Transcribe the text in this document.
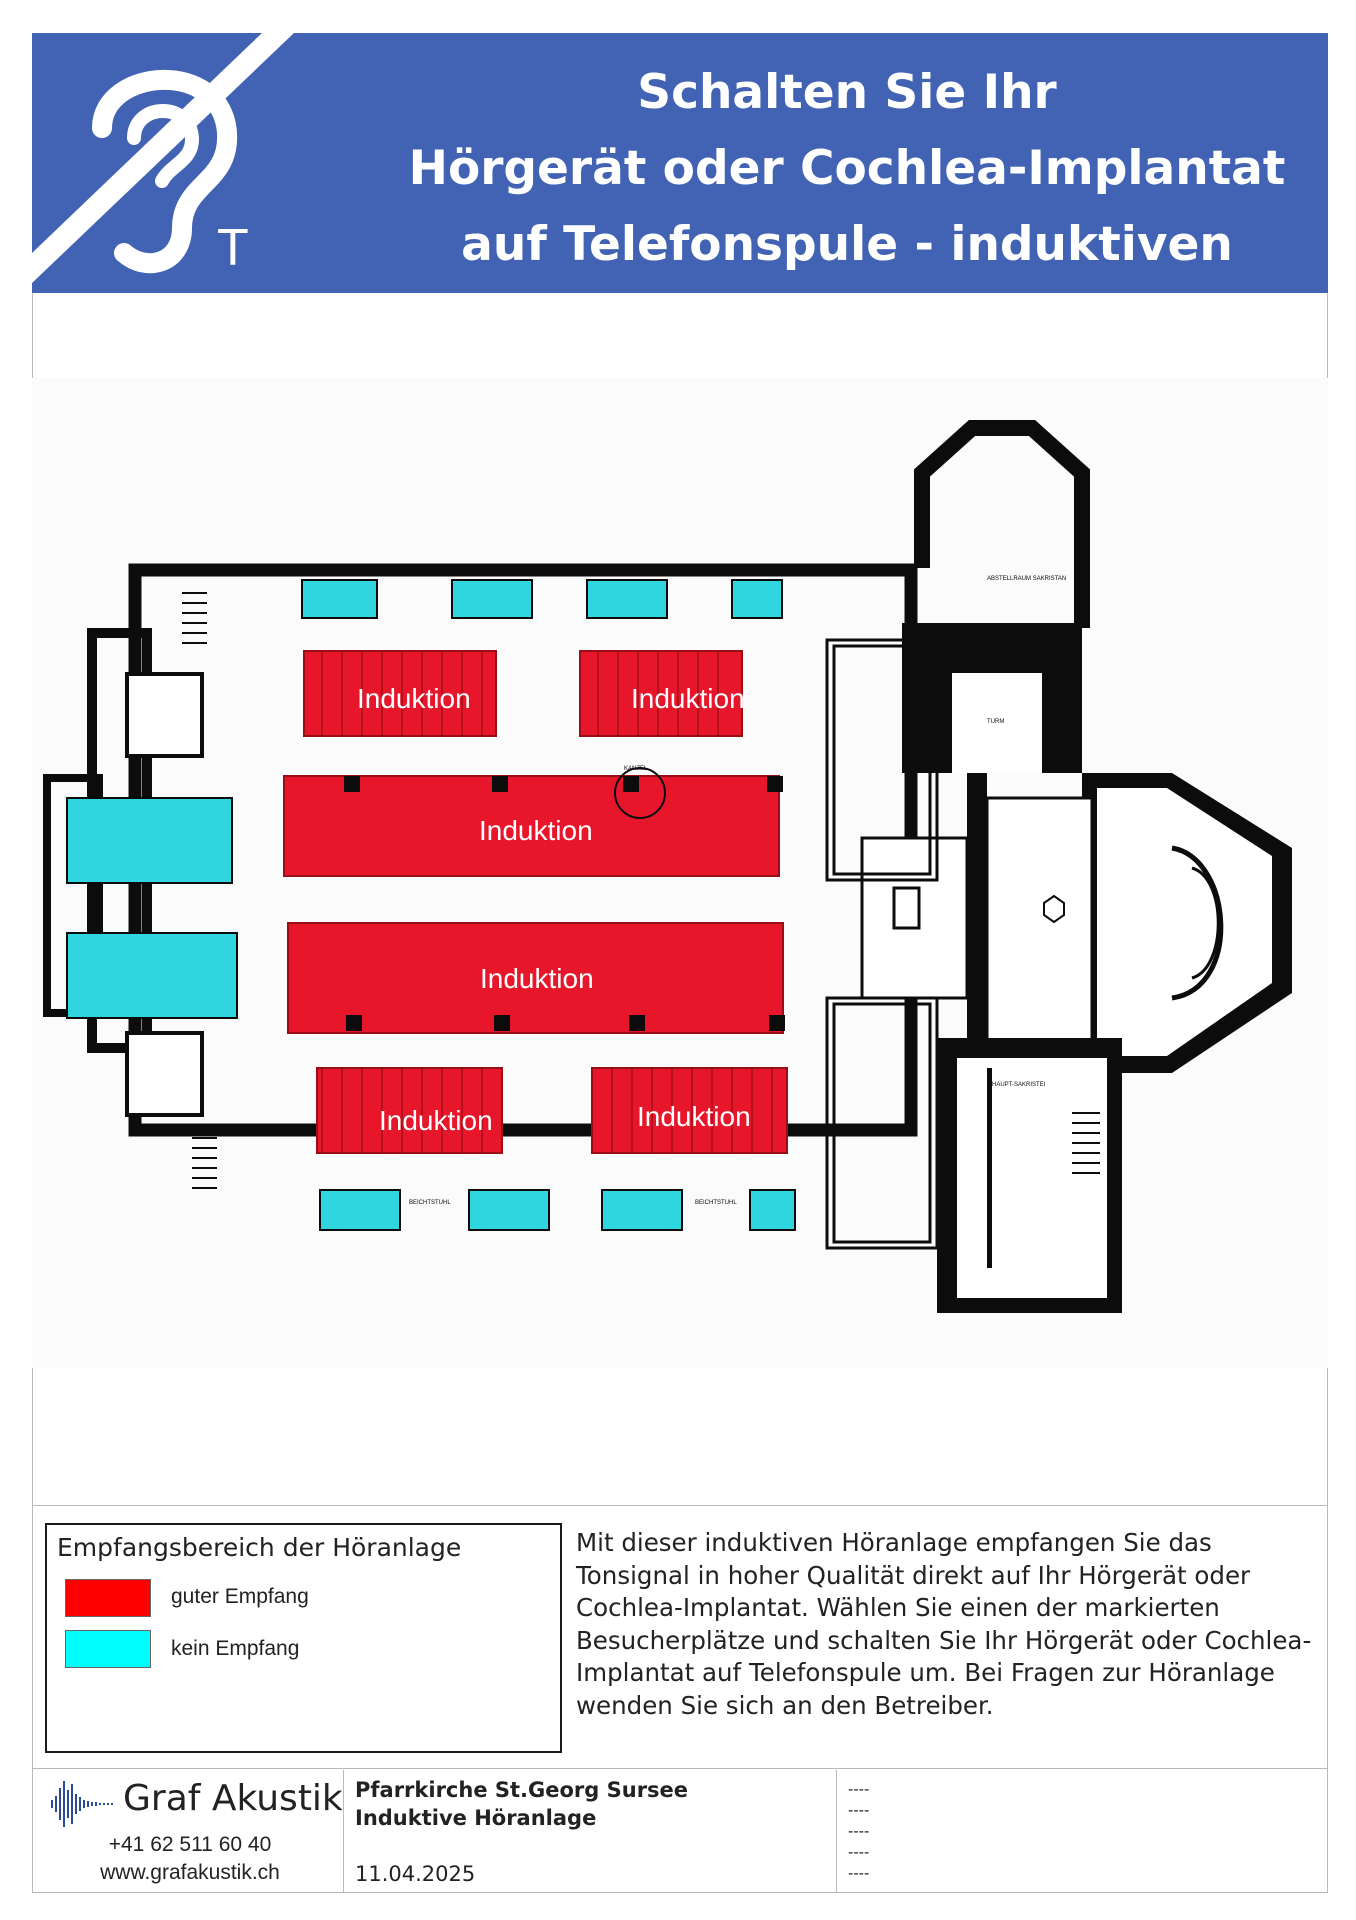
T
Schalten Sie Ihr
Hörgerät oder Cochlea-Implantat
auf Telefonspule - induktiven Empfang
ABSTELLRAUM SAKRISTAN
TURM
HAUPT-SAKRISTEI
KANZEL
BEICHTSTUHL	BEICHTSTUHL
Induktion	Induktion
Induktion
Induktion
Induktion	Induktion
Empfangsbereich der Höranlage
guter Empfang
kein Empfang
Mit dieser induktiven Höranlage empfangen Sie das Tonsignal in hoher Qualität direkt auf Ihr Hörgerät oder Cochlea-Implantat. Wählen Sie einen der markierten Besucherplätze und schalten Sie Ihr Hörgerät oder Cochlea-Implantat auf Telefonspule um. Bei Fragen zur Höranlage wenden Sie sich an den Betreiber.
Graf Akustik
+41 62 511 60 40
www.grafakustik.ch
Pfarrkirche St.Georg Sursee
Induktive Höranlage
11.04.2025
----
----
----
----
----
